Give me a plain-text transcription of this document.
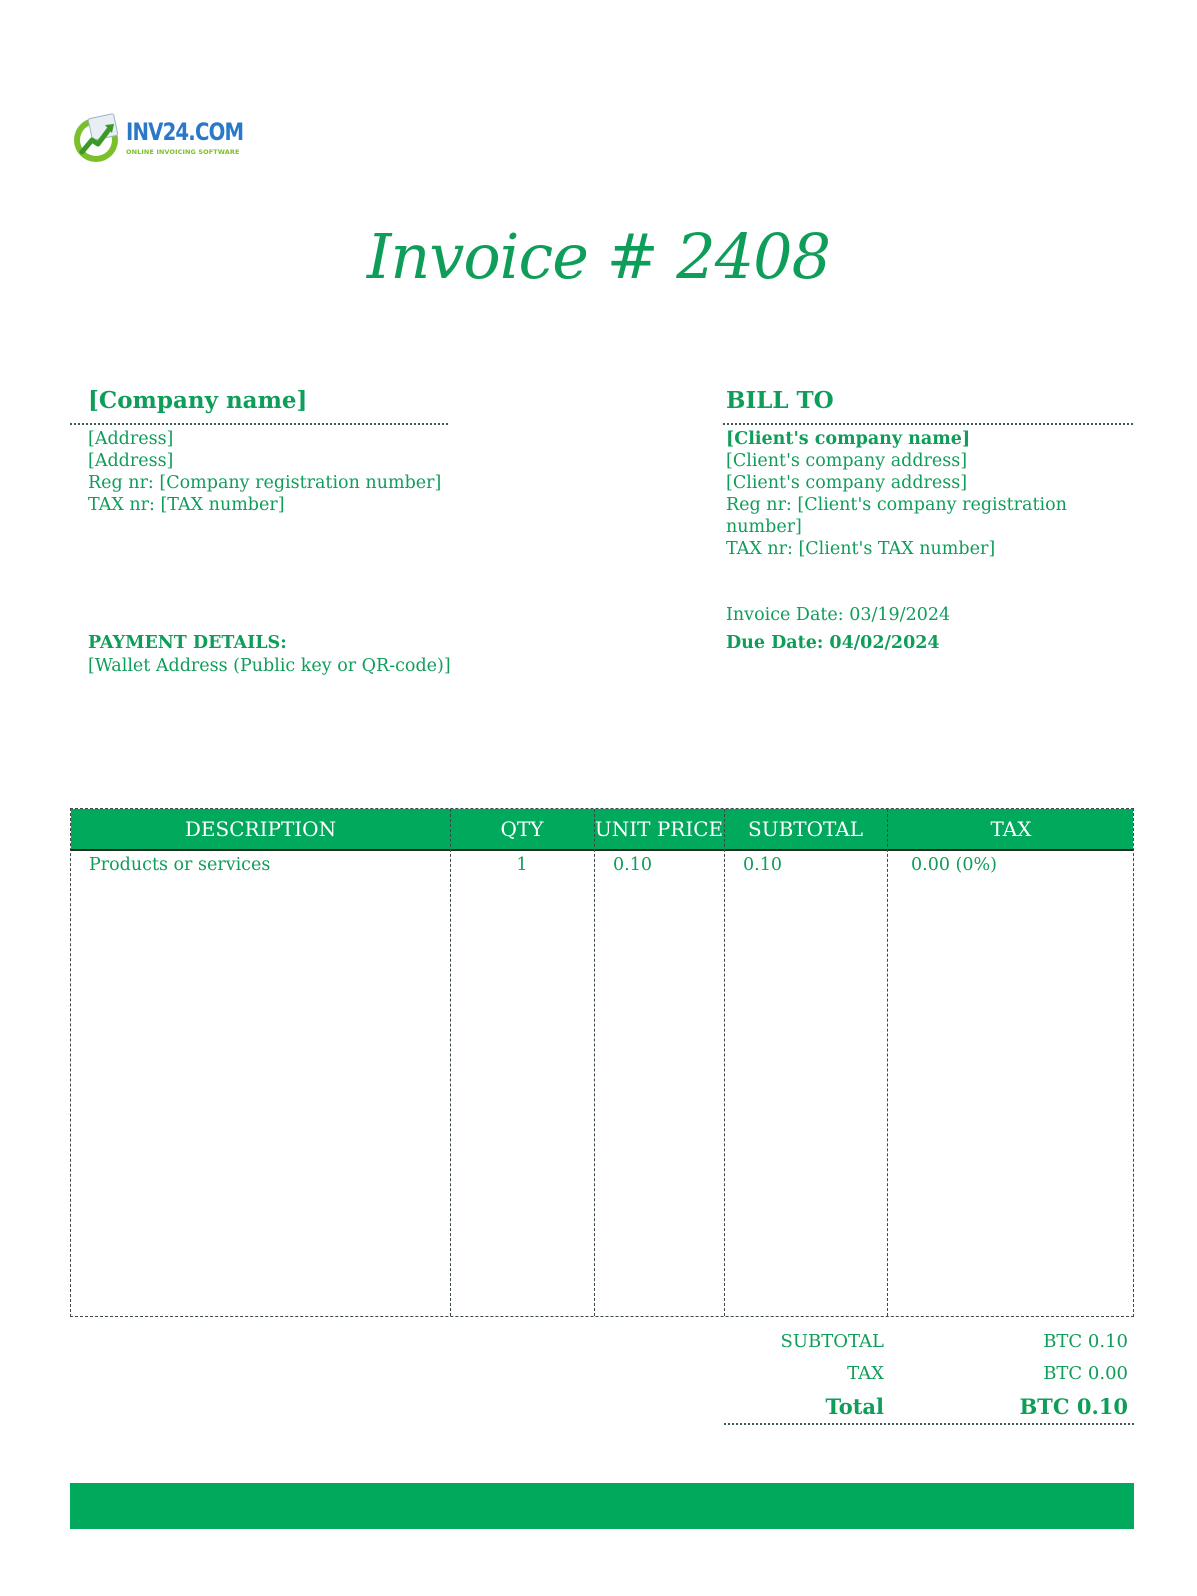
INV24.COM
ONLINE INVOICING SOFTWARE
Invoice # 2408
[Company name]
[Address]
[Address]
Reg nr: [Company registration number]
TAX nr: [TAX number]
BILL TO
[Client's company name]
[Client's company address]
[Client's company address]
Reg nr: [Client's company registration number]
TAX nr: [Client's TAX number]
Invoice Date: 03/19/2024
Due Date: 04/02/2024
PAYMENT DETAILS:
[Wallet Address (Public key or QR-code)]
DESCRIPTION	QTY	UNIT PRICE	SUBTOTAL	TAX
Products or services	1	0.10	0.10	0.00 (0%)
SUBTOTAL	BTC 0.10
TAX	BTC 0.00
Total	BTC 0.10
